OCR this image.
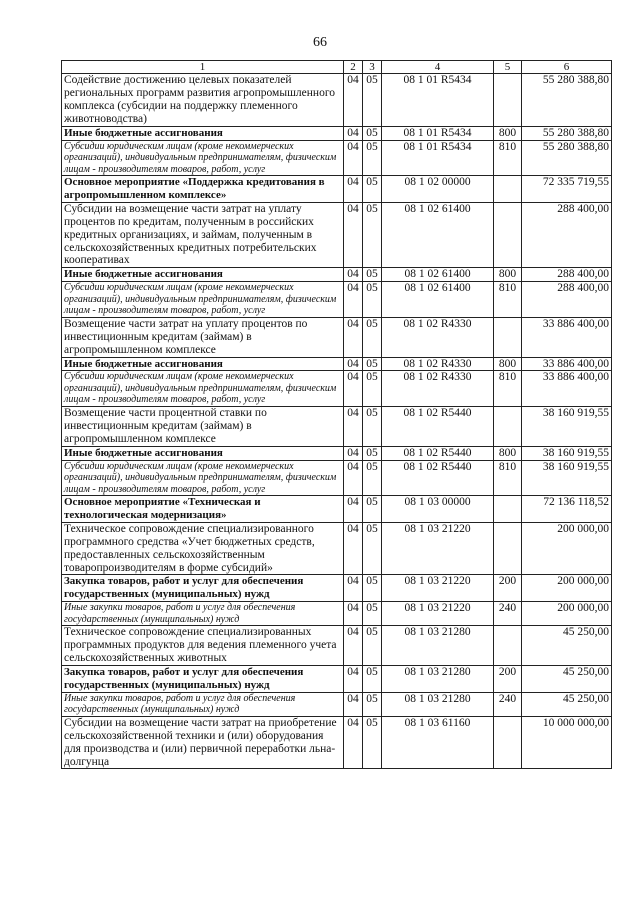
66
1	2	3	4	5	6
Содействие достижению целевых показателей региональных программ развития агропромышленного комплекса (субсидии на поддержку племенного животноводства)	04	05	08 1 01 R5434		55 280 388,80
Иные бюджетные ассигнования	04	05	08 1 01 R5434	800	55 280 388,80
Субсидии юридическим лицам (кроме некоммерческих организаций), индивидуальным предпринимателям, физическим лицам - производителям товаров, работ, услуг	04	05	08 1 01 R5434	810	55 280 388,80
Основное мероприятие «Поддержка кредитования в агропромышленном комплексе»	04	05	08 1 02 00000		72 335 719,55
Субсидии на возмещение части затрат на уплату процентов по кредитам, полученным в российских кредитных организациях, и займам, полученным в сельскохозяйственных кредитных потребительских кооперативах	04	05	08 1 02 61400		288 400,00
Иные бюджетные ассигнования	04	05	08 1 02 61400	800	288 400,00
Субсидии юридическим лицам (кроме некоммерческих организаций), индивидуальным предпринимателям, физическим лицам - производителям товаров, работ, услуг	04	05	08 1 02 61400	810	288 400,00
Возмещение части затрат на уплату процентов по инвестиционным кредитам (займам) в агропромышленном комплексе	04	05	08 1 02 R4330		33 886 400,00
Иные бюджетные ассигнования	04	05	08 1 02 R4330	800	33 886 400,00
Субсидии юридическим лицам (кроме некоммерческих организаций), индивидуальным предпринимателям, физическим лицам - производителям товаров, работ, услуг	04	05	08 1 02 R4330	810	33 886 400,00
Возмещение части процентной ставки по инвестиционным кредитам (займам) в агропромышленном комплексе	04	05	08 1 02 R5440		38 160 919,55
Иные бюджетные ассигнования	04	05	08 1 02 R5440	800	38 160 919,55
Субсидии юридическим лицам (кроме некоммерческих организаций), индивидуальным предпринимателям, физическим лицам - производителям товаров, работ, услуг	04	05	08 1 02 R5440	810	38 160 919,55
Основное мероприятие «Техническая и технологическая модернизация»	04	05	08 1 03 00000		72 136 118,52
Техническое сопровождение специализированного программного средства «Учет бюджетных средств, предоставленных сельскохозяйственным товаропроизводителям в форме субсидий»	04	05	08 1 03 21220		200 000,00
Закупка товаров, работ и услуг для обеспечения государственных (муниципальных) нужд	04	05	08 1 03 21220	200	200 000,00
Иные закупки товаров, работ и услуг для обеспечения государственных (муниципальных) нужд	04	05	08 1 03 21220	240	200 000,00
Техническое сопровождение специализированных программных продуктов для ведения племенного учета сельскохозяйственных животных	04	05	08 1 03 21280		45 250,00
Закупка товаров, работ и услуг для обеспечения государственных (муниципальных) нужд	04	05	08 1 03 21280	200	45 250,00
Иные закупки товаров, работ и услуг для обеспечения государственных (муниципальных) нужд	04	05	08 1 03 21280	240	45 250,00
Субсидии на возмещение части затрат на приобретение сельскохозяйственной техники и (или) оборудования для производства и (или) первичной переработки льна-долгунца	04	05	08 1 03 61160		10 000 000,00
